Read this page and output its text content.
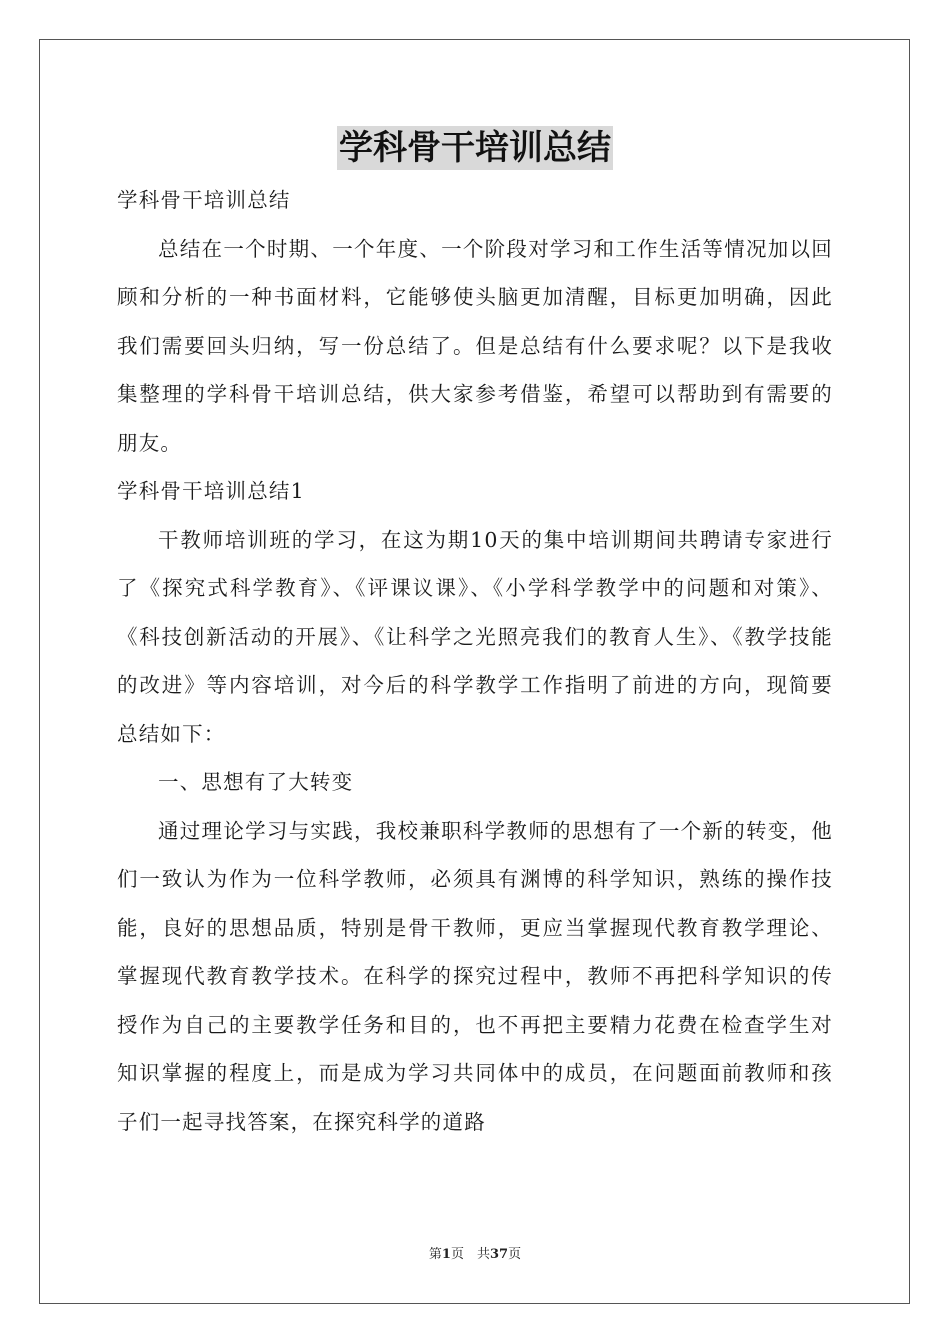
学科骨干培训总结

学科骨干培训总结

总结在一个时期、一个年度、一个阶段对学习和工作生活等情况加以回顾和分析的一种书面材料，它能够使头脑更加清醒，目标更加明确，因此我们需要回头归纳，写一份总结了。但是总结有什么要求呢？以下是我收集整理的学科骨干培训总结，供大家参考借鉴，希望可以帮助到有需要的朋友。

学科骨干培训总结1

干教师培训班的学习，在这为期10天的集中培训期间共聘请专家进行了《探究式科学教育》、《评课议课》、《小学科学教学中的问题和对策》、《科技创新活动的开展》、《让科学之光照亮我们的教育人生》、《教学技能的改进》等内容培训，对今后的科学教学工作指明了前进的方向，现简要总结如下：

一、思想有了大转变

通过理论学习与实践，我校兼职科学教师的思想有了一个新的转变，他们一致认为作为一位科学教师，必须具有渊博的科学知识，熟练的操作技能，良好的思想品质，特别是骨干教师，更应当掌握现代教育教学理论、掌握现代教育教学技术。在科学的探究过程中，教师不再把科学知识的传授作为自己的主要教学任务和目的，也不再把主要精力花费在检查学生对知识掌握的程度上，而是成为学习共同体中的成员，在问题面前教师和孩子们一起寻找答案，在探究科学的道路

第1页　共37页
